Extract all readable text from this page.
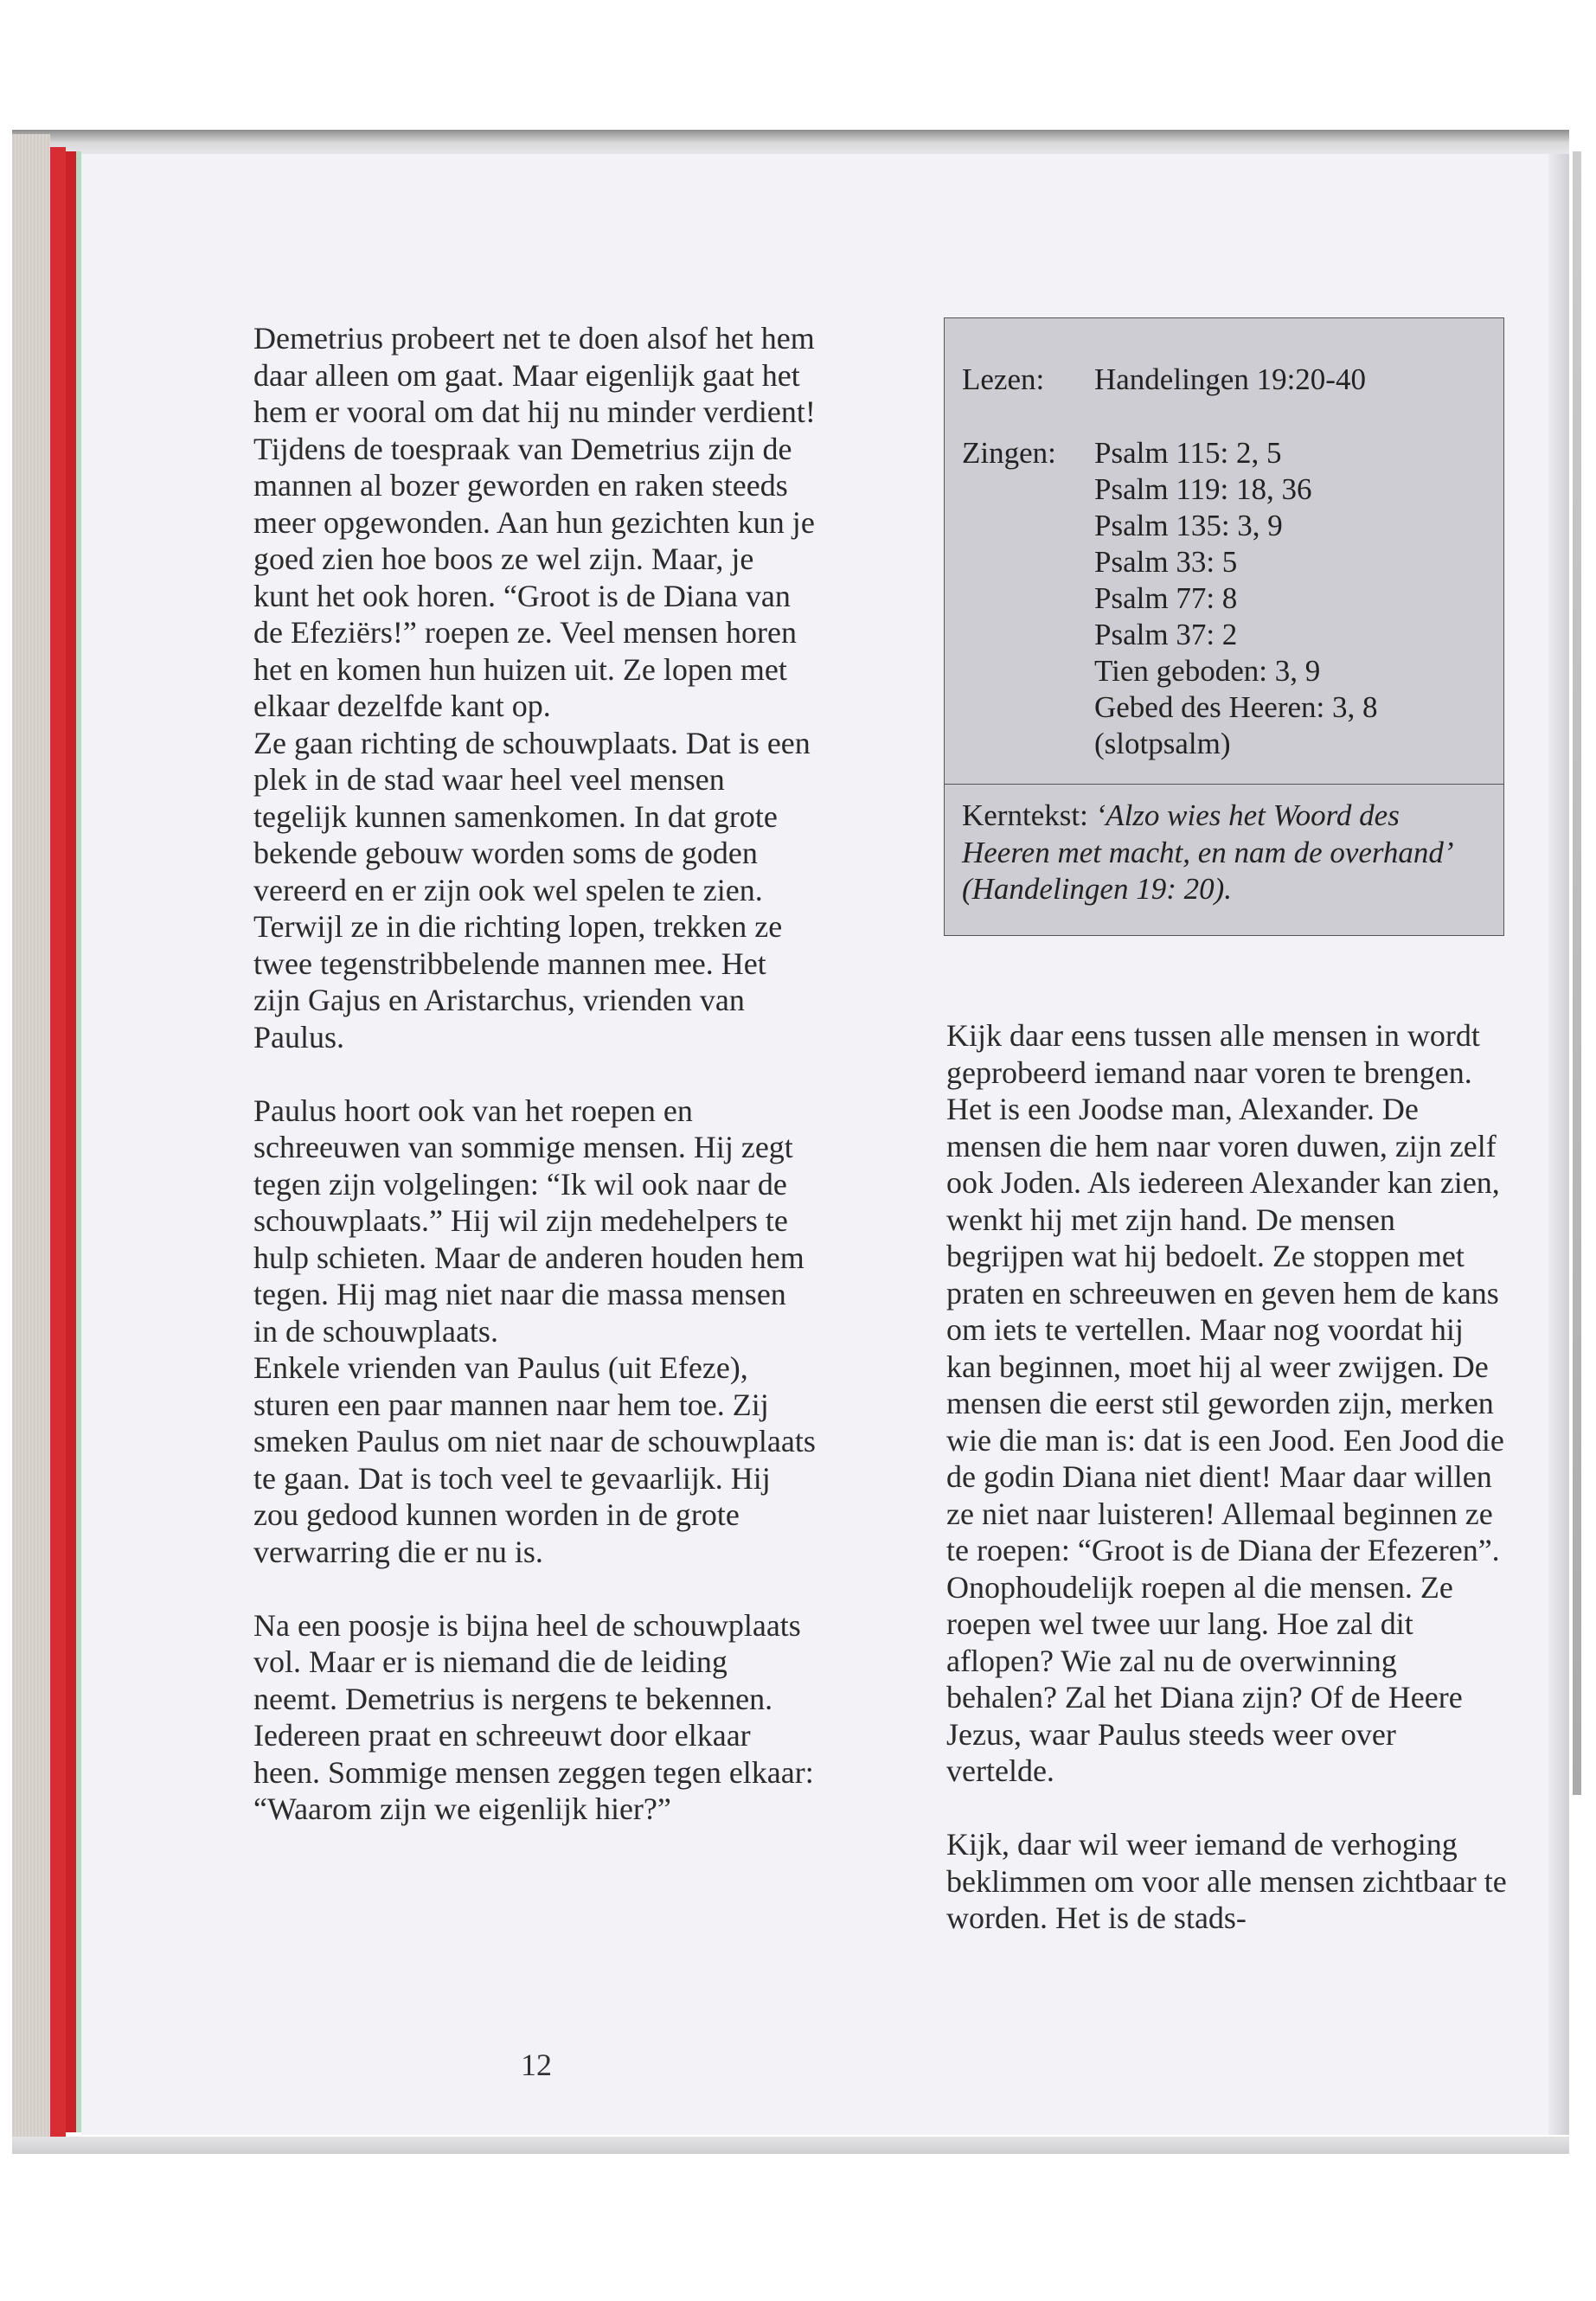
Demetrius probeert net te doen alsof het hem daar alleen om gaat. Maar eigenlijk gaat het hem er vooral om dat hij nu minder verdient!

Tijdens de toespraak van Demetrius zijn de mannen al bozer geworden en raken steeds meer opgewonden. Aan hun gezichten kun je goed zien hoe boos ze wel zijn. Maar, je kunt het ook horen. “Groot is de Diana van de Efeziërs!” roepen ze. Veel mensen horen het en komen hun huizen uit. Ze lopen met elkaar dezelfde kant op.

Ze gaan richting de schouwplaats. Dat is een plek in de stad waar heel veel mensen tegelijk kunnen samenkomen. In dat grote bekende gebouw worden soms de goden vereerd en er zijn ook wel spelen te zien. Terwijl ze in die richting lopen, trekken ze twee tegenstribbelende mannen mee. Het zijn Gajus en Aristarchus, vrienden van Paulus.

Paulus hoort ook van het roepen en schreeuwen van sommige mensen. Hij zegt tegen zijn volgelingen: “Ik wil ook naar de schouwplaats.” Hij wil zijn medehelpers te hulp schieten. Maar de anderen houden hem tegen. Hij mag niet naar die massa mensen in de schouwplaats.

Enkele vrienden van Paulus (uit Efeze), sturen een paar mannen naar hem toe. Zij smeken Paulus om niet naar de schouwplaats te gaan. Dat is toch veel te gevaarlijk. Hij zou gedood kunnen worden in de grote verwarring die er nu is.

Na een poosje is bijna heel de schouwplaats vol. Maar er is niemand die de leiding neemt. Demetrius is nergens te bekennen. Iedereen praat en schreeuwt door elkaar heen. Sommige mensen zeggen tegen elkaar: “Waarom zijn we eigenlijk hier?”

Lezen: Handelingen 19:20-40
Zingen: Psalm 115: 2, 5
Psalm 119: 18, 36
Psalm 135: 3, 9
Psalm 33: 5
Psalm 77: 8
Psalm 37: 2
Tien geboden: 3, 9
Gebed des Heeren: 3, 8
(slotpsalm)
Kerntekst: ‘Alzo wies het Woord des Heeren met macht, en nam de overhand’ (Handelingen 19: 20).

Kijk daar eens tussen alle mensen in wordt geprobeerd iemand naar voren te brengen. Het is een Joodse man, Alexander. De mensen die hem naar voren duwen, zijn zelf ook Joden. Als iedereen Alexander kan zien, wenkt hij met zijn hand. De mensen begrijpen wat hij bedoelt. Ze stoppen met praten en schreeuwen en geven hem de kans om iets te vertellen. Maar nog voordat hij kan beginnen, moet hij al weer zwijgen. De mensen die eerst stil geworden zijn, merken wie die man is: dat is een Jood. Een Jood die de godin Diana niet dient! Maar daar willen ze niet naar luisteren! Allemaal beginnen ze te roepen: “Groot is de Diana der Efezeren”. Onophoudelijk roepen al die mensen. Ze roepen wel twee uur lang. Hoe zal dit aflopen? Wie zal nu de overwinning behalen? Zal het Diana zijn? Of de Heere Jezus, waar Paulus steeds weer over vertelde.

Kijk, daar wil weer iemand de verhoging beklimmen om voor alle mensen zichtbaar te worden. Het is de stads-

12
